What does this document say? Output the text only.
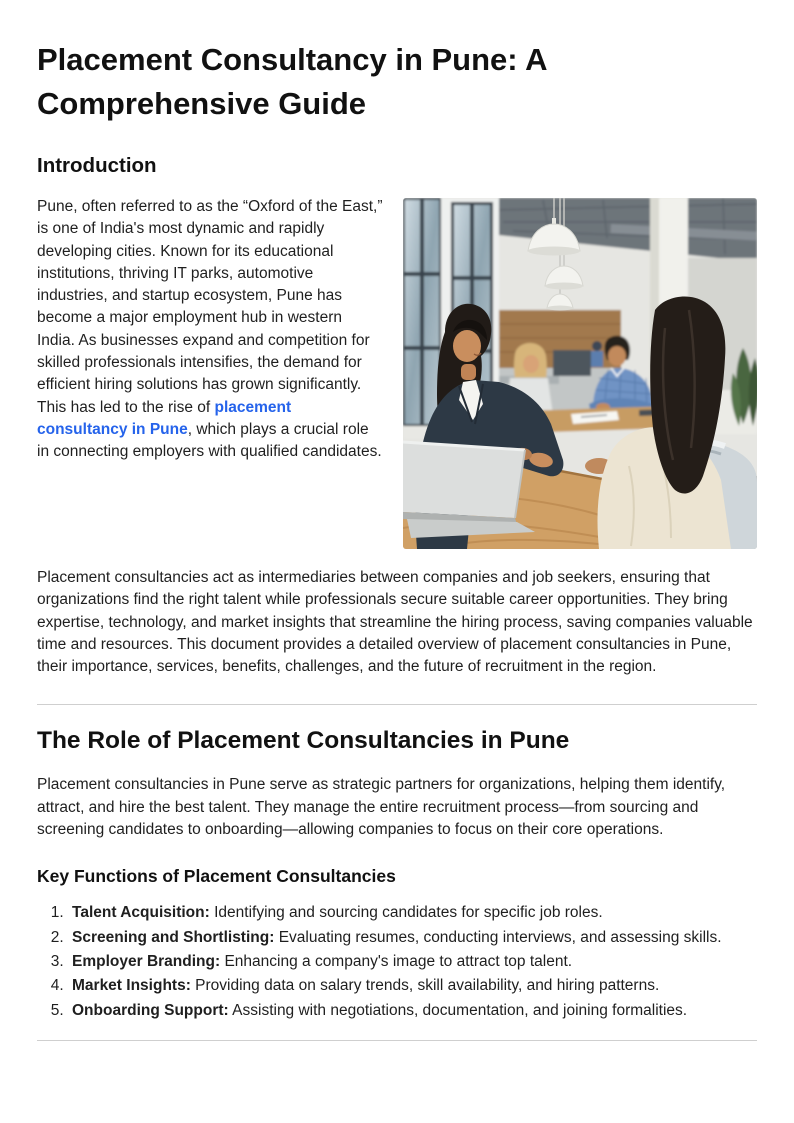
Placement Consultancy in Pune: A Comprehensive Guide
Introduction

Pune, often referred to as the “Oxford of the East,” is one of India's most dynamic and rapidly developing cities. Known for its educational institutions, thriving IT parks, automotive industries, and startup ecosystem, Pune has become a major employment hub in western India. As businesses expand and competition for skilled professionals intensifies, the demand for efficient hiring solutions has grown significantly. This has led to the rise of placement consultancy in Pune, which plays a crucial role in connecting employers with qualified candidates.

Placement consultancies act as intermediaries between companies and job seekers, ensuring that organizations find the right talent while professionals secure suitable career opportunities. They bring expertise, technology, and market insights that streamline the hiring process, saving companies valuable time and resources. This document provides a detailed overview of placement consultancies in Pune, their importance, services, benefits, challenges, and the future of recruitment in the region.

The Role of Placement Consultancies in Pune

Placement consultancies in Pune serve as strategic partners for organizations, helping them identify, attract, and hire the best talent. They manage the entire recruitment process—from sourcing and screening candidates to onboarding—allowing companies to focus on their core operations.

Key Functions of Placement Consultancies
1. Talent Acquisition: Identifying and sourcing candidates for specific job roles.
2. Screening and Shortlisting: Evaluating resumes, conducting interviews, and assessing skills.
3. Employer Branding: Enhancing a company's image to attract top talent.
4. Market Insights: Providing data on salary trends, skill availability, and hiring patterns.
5. Onboarding Support: Assisting with negotiations, documentation, and joining formalities.
